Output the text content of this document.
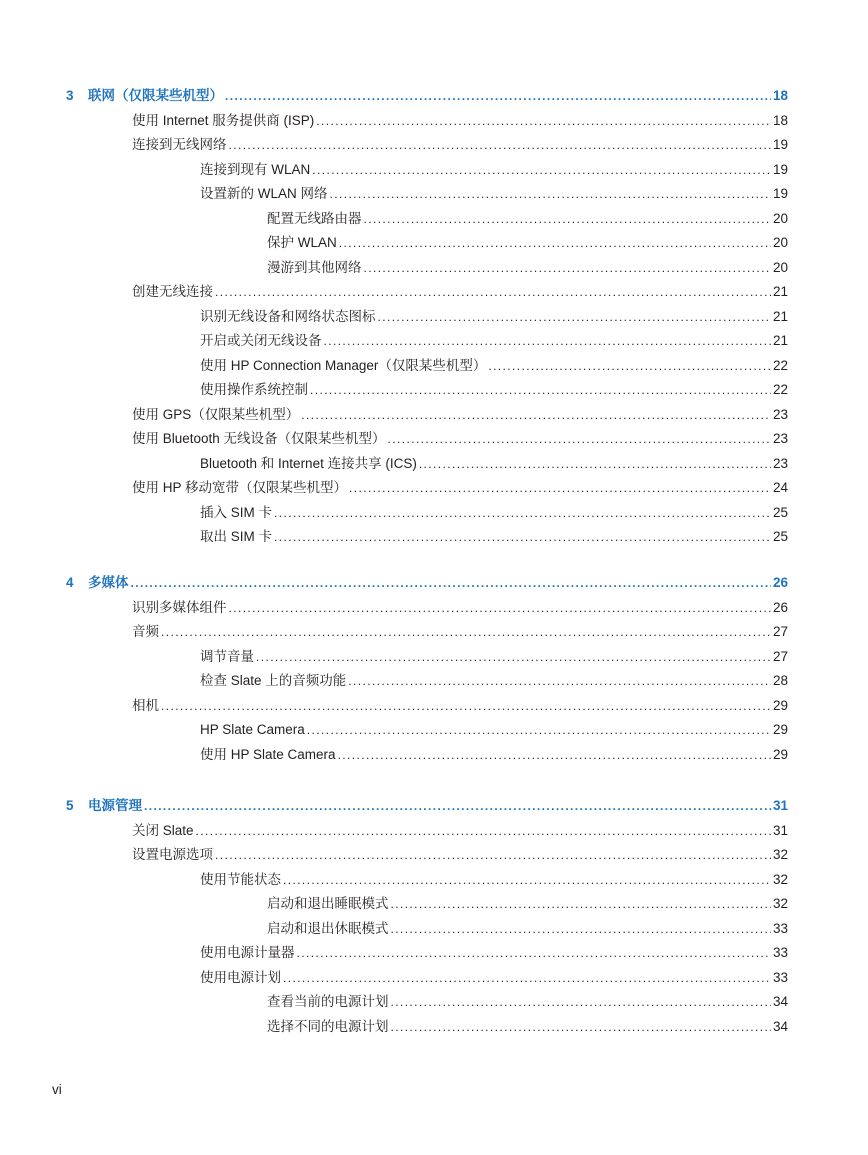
3	联网（仅限某些机型） .....	18
使用 Internet 服务提供商 (ISP) .....	18
连接到无线网络 .....	19
连接到现有 WLAN .....	19
设置新的 WLAN 网络 .....	19
配置无线路由器 .....	20
保护 WLAN .....	20
漫游到其他网络 .....	20
创建无线连接 .....	21
识别无线设备和网络状态图标 .....	21
开启或关闭无线设备 .....	21
使用 HP Connection Manager（仅限某些机型） .....	22
使用操作系统控制 .....	22
使用 GPS（仅限某些机型） .....	23
使用 Bluetooth 无线设备（仅限某些机型） .....	23
Bluetooth 和 Internet 连接共享 (ICS) .....	23
使用 HP 移动宽带（仅限某些机型） .....	24
插入 SIM 卡 .....	25
取出 SIM 卡 .....	25
4	多媒体 .....	26
识别多媒体组件 .....	26
音频 .....	27
调节音量 .....	27
检查 Slate 上的音频功能 .....	28
相机 .....	29
HP Slate Camera .....	29
使用 HP Slate Camera .....	29
5	电源管理 .....	31
关闭 Slate .....	31
设置电源选项 .....	32
使用节能状态 .....	32
启动和退出睡眠模式 .....	32
启动和退出休眠模式 .....	33
使用电源计量器 .....	33
使用电源计划 .....	33
查看当前的电源计划 .....	34
选择不同的电源计划 .....	34
vi
